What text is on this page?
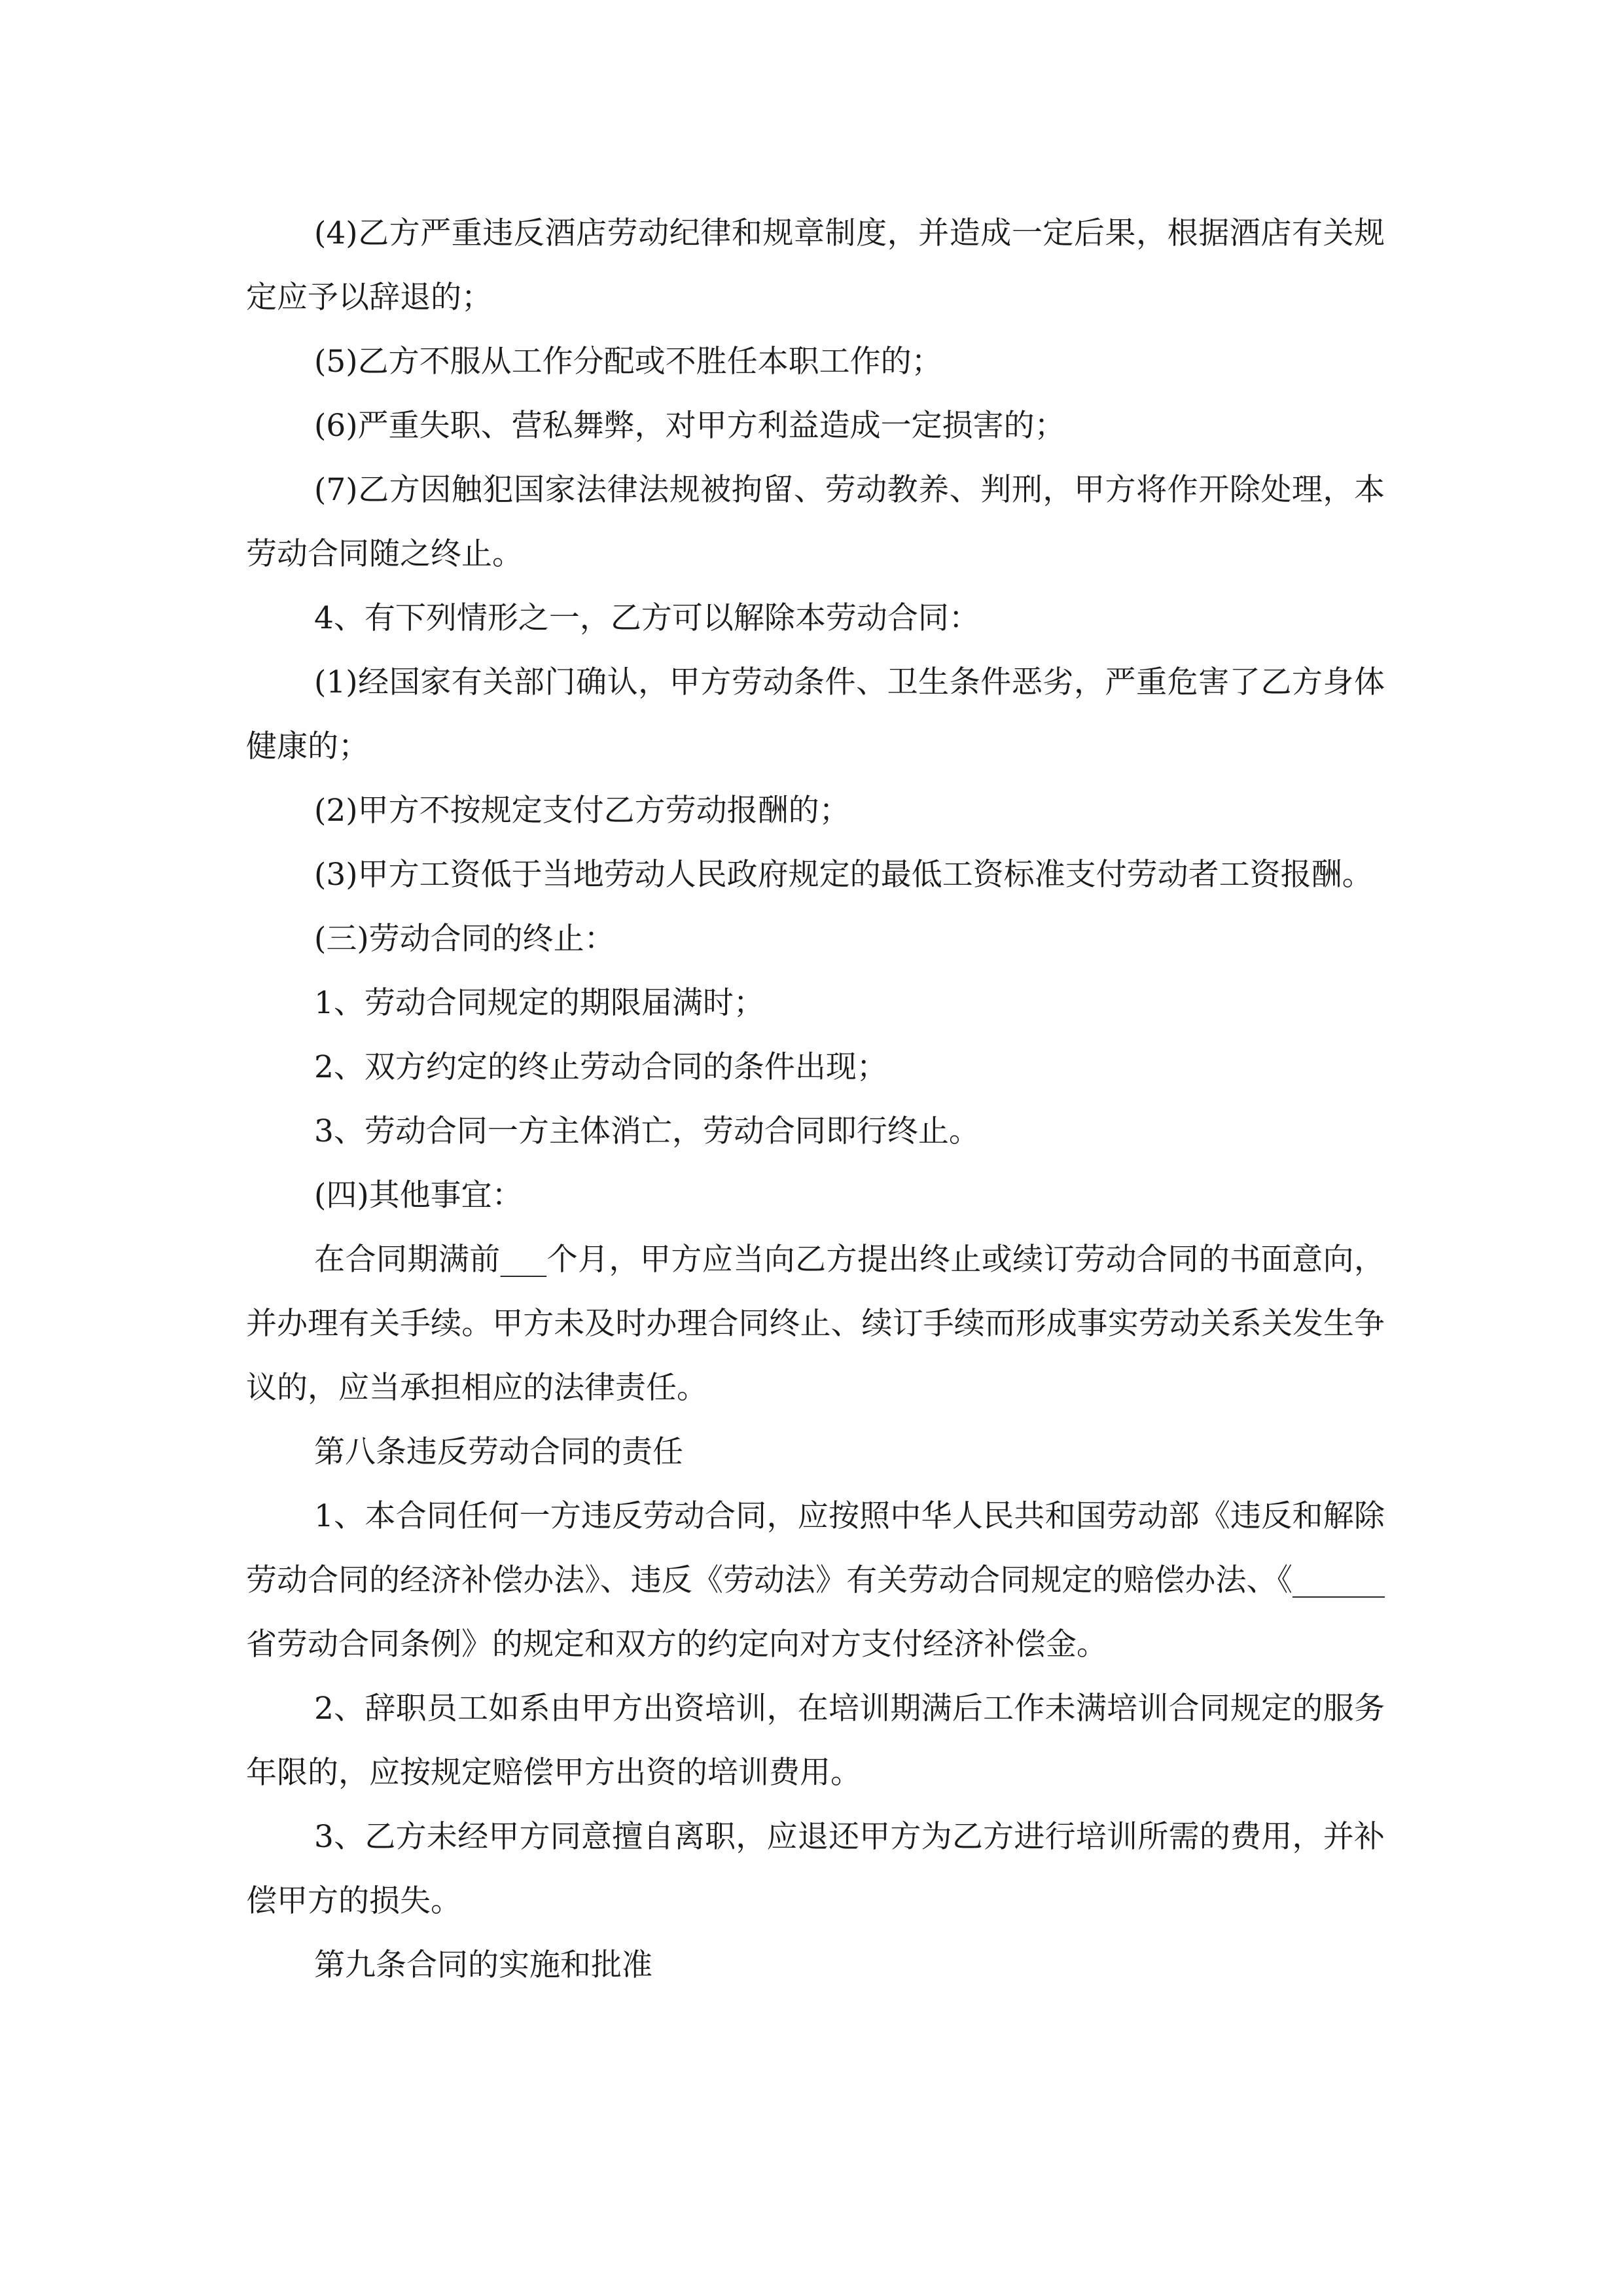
(4)乙方严重违反酒店劳动纪律和规章制度，并造成一定后果，根据酒店有关规定应予以辞退的；

(5)乙方不服从工作分配或不胜任本职工作的；

(6)严重失职、营私舞弊，对甲方利益造成一定损害的；

(7)乙方因触犯国家法律法规被拘留、劳动教养、判刑，甲方将作开除处理，本劳动合同随之终止。

4、有下列情形之一，乙方可以解除本劳动合同：

(1)经国家有关部门确认，甲方劳动条件、卫生条件恶劣，严重危害了乙方身体健康的；

(2)甲方不按规定支付乙方劳动报酬的；

(3)甲方工资低于当地劳动人民政府规定的最低工资标准支付劳动者工资报酬。

(三)劳动合同的终止：

1、劳动合同规定的期限届满时；

2、双方约定的终止劳动合同的条件出现；

3、劳动合同一方主体消亡，劳动合同即行终止。

(四)其他事宜：

在合同期满前___个月，甲方应当向乙方提出终止或续订劳动合同的书面意向，并办理有关手续。甲方未及时办理合同终止、续订手续而形成事实劳动关系关发生争议的，应当承担相应的法律责任。

第八条违反劳动合同的责任

1、本合同任何一方违反劳动合同，应按照中华人民共和国劳动部《违反和解除劳动合同的经济补偿办法》、违反《劳动法》有关劳动合同规定的赔偿办法、《______省劳动合同条例》的规定和双方的约定向对方支付经济补偿金。

2、辞职员工如系由甲方出资培训，在培训期满后工作未满培训合同规定的服务年限的，应按规定赔偿甲方出资的培训费用。

3、乙方未经甲方同意擅自离职，应退还甲方为乙方进行培训所需的费用，并补偿甲方的损失。

第九条合同的实施和批准
